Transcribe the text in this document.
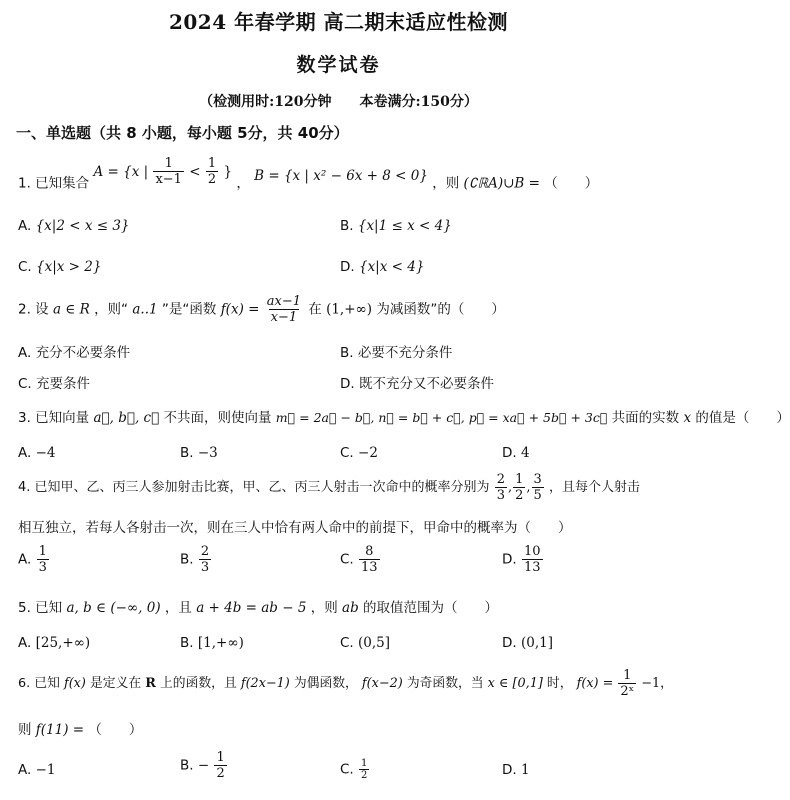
2024 年春学期 高二期末适应性检测
数学试卷
（检测用时:120分钟　　本卷满分:150分）
一、单选题（共 8 小题，每小题 5分，共 40分）
1. 已知集合 A = {x | $\frac{1}{x-1} < \frac{1}{2}$ } ， B = {x | x² − 6x + 8 < 0} ，则 (∁ℝA)∪B = （　　）
A. {x|2 < x ≤ 3}	B. {x|1 ≤ x < 4}
C. {x|x > 2}	D. {x|x < 4}
2. 设 a ∈ R ，则“ a..1 ”是“函数 $f(x) = \frac{ax-1}{x-1}$ 在 (1,+∞) 为减函数”的（　　）
A. 充分不必要条件	B. 必要不充分条件
C. 充要条件	D. 既不充分又不必要条件
3. 已知向量 a⃗, b⃗, c⃗ 不共面，则使向量 m⃗ = 2a⃗ − b⃗, n⃗ = b⃗ + c⃗, p⃗ = xa⃗ + 5b⃗ + 3c⃗ 共面的实数 x 的值是（　　）
A. −4	B. −3	C. −2	D. 4
4. 已知甲、乙、丙三人参加射击比赛，甲、乙、丙三人射击一次命中的概率分别为 $\frac{2}{3}$ , $\frac{1}{2}$ , $\frac{3}{5}$ ，且每个人射击
相互独立，若每人各射击一次，则在三人中恰有两人命中的前提下，甲命中的概率为（　　）
A. $\frac{1}{3}$	B. $\frac{2}{3}$	C. $\frac{8}{13}$	D. $\frac{10}{13}$
5. 已知 a, b ∈ (−∞, 0) ，且 a + 4b = ab − 5 ，则 ab 的取值范围为（　　）
A. [25,+∞)	B. [1,+∞)	C. (0,5]	D. (0,1]
6. 已知 f(x) 是定义在 R 上的函数，且 f(2x−1) 为偶函数， f(x−2) 为奇函数，当 x ∈ [0,1] 时， $f(x) = \frac{1}{\text{2ˣ}} -1$，
则 f(11) = （　　）
A. −1	B. − $\frac{1}{2}$	C. $\frac{1}{2}$	D. 1
